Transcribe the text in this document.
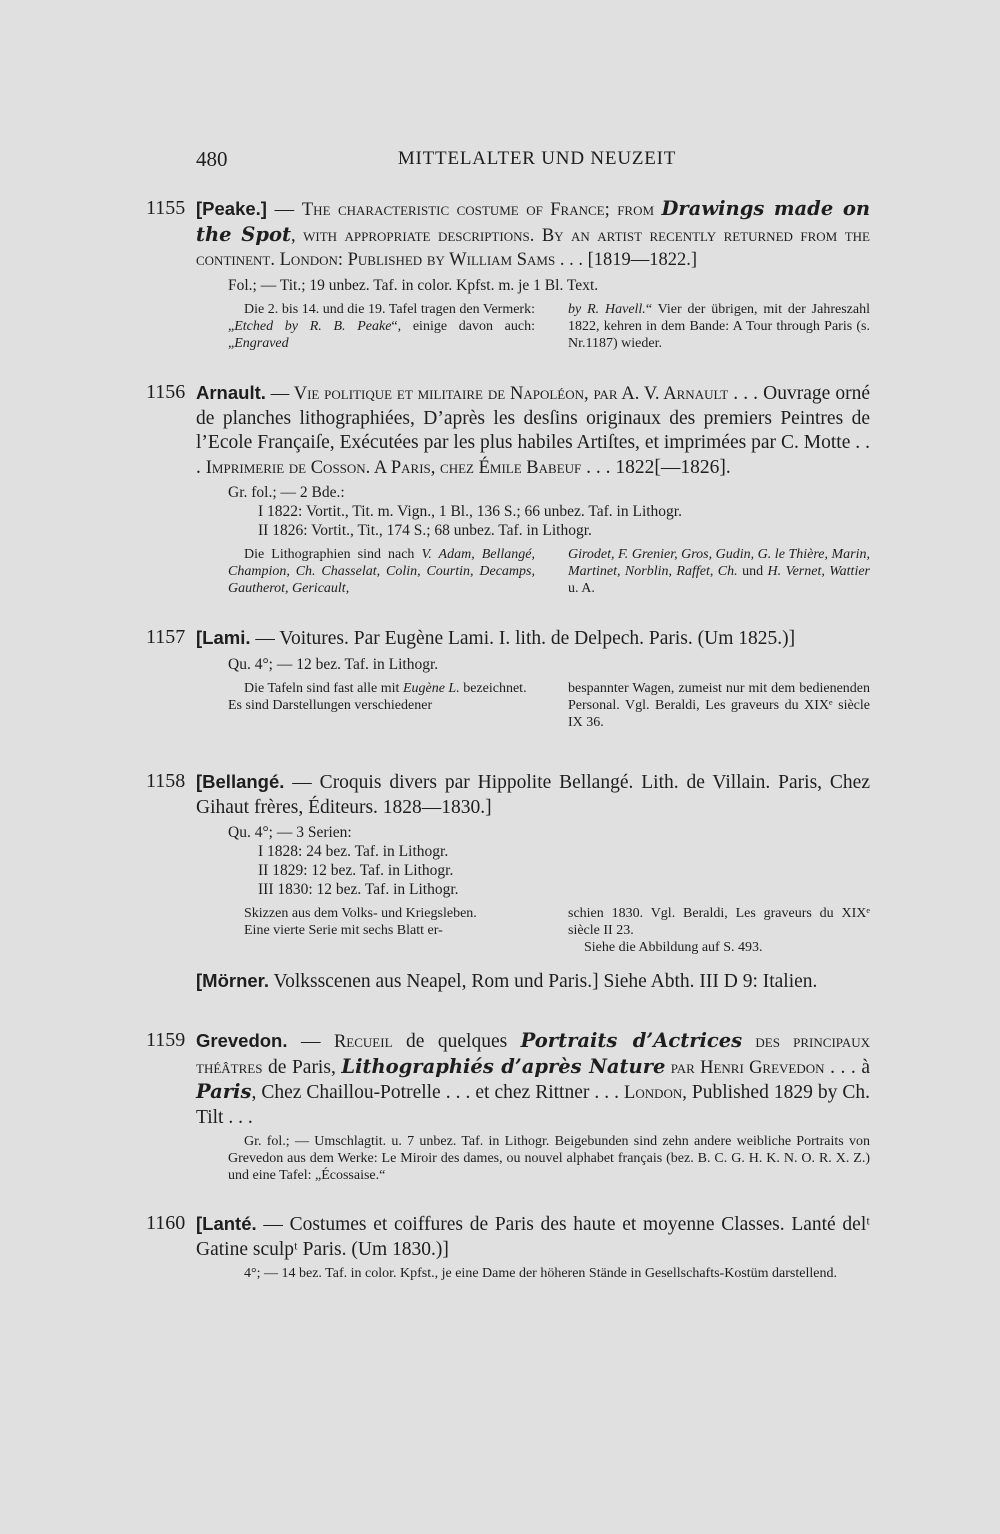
480	MITTELALTER UND NEUZEIT
1155 [Peake.] — The characteristic costume of France; from Drawings made on the Spot, with appropriate descriptions. By an artist recently returned from the continent. London: Published by William Sams . . . [1819—1822.]
Fol.; — Tit.; 19 unbez. Taf. in color. Kpfst. m. je 1 Bl. Text.
Die 2. bis 14. und die 19. Tafel tragen den Vermerk: „Etched by R. B. Peake“, einige davon auch: „Engraved
by R. Havell.“ Vier der übrigen, mit der Jahreszahl 1822, kehren in dem Bande: A Tour through Paris (s. Nr.1187) wieder.
1156 Arnault. — Vie politique et militaire de Napoléon, par A. V. Arnault . . . Ouvrage orné de planches lithographiées, D’après les desſins originaux des premiers Peintres de l’Ecole Françaiſe, Exécutées par les plus habiles Artiſtes, et imprimées par C. Motte . . . Imprimerie de Cosson. A Paris, chez Émile Babeuf . . . 1822[—1826].
Gr. fol.; — 2 Bde.:
I 1822: Vortit., Tit. m. Vign., 1 Bl., 136 S.; 66 unbez. Taf. in Lithogr.
II 1826: Vortit., Tit., 174 S.; 68 unbez. Taf. in Lithogr.
Die Lithographien sind nach V. Adam, Bellangé, Champion, Ch. Chasselat, Colin, Courtin, Decamps, Gautherot, Gericault,
Girodet, F. Grenier, Gros, Gudin, G. le Thière, Marin, Martinet, Norblin, Raffet, Ch. und H. Vernet, Wattier u. A.
1157 [Lami. — Voitures. Par Eugène Lami. I. lith. de Delpech. Paris. (Um 1825.)]
Qu. 4°; — 12 bez. Taf. in Lithogr.
Die Tafeln sind fast alle mit Eugène L. bezeichnet.
Es sind Darstellungen verschiedener
bespannter Wagen, zumeist nur mit dem bedienenden Personal. Vgl. Beraldi, Les graveurs du XIXᵉ siècle IX 36.
1158 [Bellangé. — Croquis divers par Hippolite Bellangé. Lith. de Villain. Paris, Chez Gihaut frères, Éditeurs. 1828—1830.]
Qu. 4°; — 3 Serien:
I 1828: 24 bez. Taf. in Lithogr.
II 1829: 12 bez. Taf. in Lithogr.
III 1830: 12 bez. Taf. in Lithogr.
Skizzen aus dem Volks- und Kriegsleben.
Eine vierte Serie mit sechs Blatt er-
schien 1830. Vgl. Beraldi, Les graveurs du XIXᵉ siècle II 23.
Siehe die Abbildung auf S. 493.
[Mörner. Volksscenen aus Neapel, Rom und Paris.] Siehe Abth. III D 9: Italien.
1159 Grevedon. — Recueil de quelques Portraits d’Actrices des principaux théâtres de Paris, Lithographiés d’après Nature par Henri Grevedon . . . à Paris, Chez Chaillou-Potrelle . . . et chez Rittner . . . London, Published 1829 by Ch. Tilt . . .
Gr. fol.; — Umschlagtit. u. 7 unbez. Taf. in Lithogr. Beigebunden sind zehn andere weibliche Portraits von Grevedon aus dem Werke: Le Miroir des dames, ou nouvel alphabet français (bez. B. C. G. H. K. N. O. R. X. Z.) und eine Tafel: „Écossaise.“
1160 [Lanté. — Costumes et coiffures de Paris des haute et moyenne Classes. Lanté delᵗ Gatine sculpᵗ Paris. (Um 1830.)]
4°; — 14 bez. Taf. in color. Kpfst., je eine Dame der höheren Stände in Gesellschafts-Kostüm darstellend.
